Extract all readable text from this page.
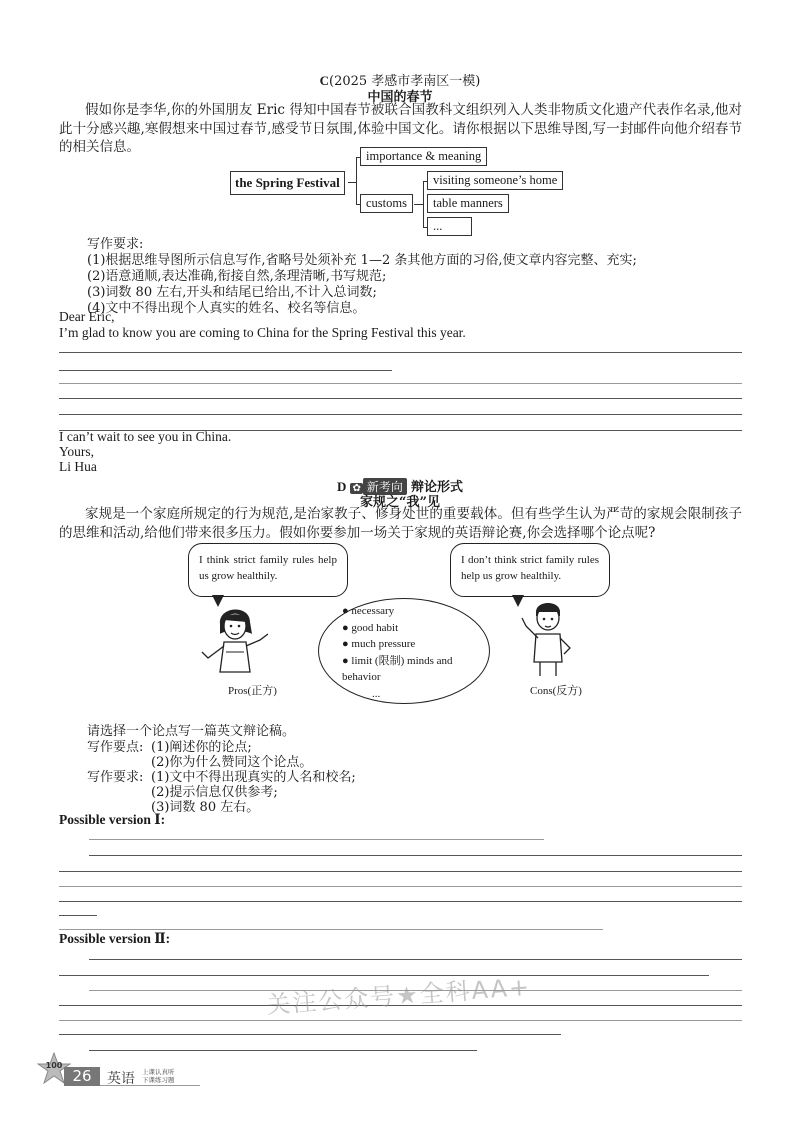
C(2025 孝感市孝南区一模)
中国的春节
假如你是李华,你的外国朋友 Eric 得知中国春节被联合国教科文组织列入人类非物质文化遗产代表作名录,他对此十分感兴趣,寒假想来中国过春节,感受节日氛围,体验中国文化。请你根据以下思维导图,写一封邮件向他介绍春节的相关信息。
the Spring Festival
importance & meaning
customs
visiting someone’s home
table manners
...
写作要求:
(1)根据思维导图所示信息写作,省略号处须补充 1—2 条其他方面的习俗,使文章内容完整、充实;
(2)语意通顺,表达准确,衔接自然,条理清晰,书写规范;
(3)词数 80 左右,开头和结尾已给出,不计入总词数;
(4)文中不得出现个人真实的姓名、校名等信息。
Dear Eric,
I’m glad to know you are coming to China for the Spring Festival this year.
I can’t wait to see you in China.
Yours,
Li Hua
D ✿ 新考向 辩论形式
家规之“我”见
家规是一个家庭所规定的行为规范,是治家教子、修身处世的重要载体。但有些学生认为严苛的家规会限制孩子的思维和活动,给他们带来很多压力。假如你要参加一场关于家规的英语辩论赛,你会选择哪个论点呢?
I think strict family rules help us grow healthily.
I don’t think strict family rules help us grow healthily.
● necessary
● good habit
● much pressure
● limit (限制) minds and behavior
...
Pros(正方)	Cons(反方)
请选择一个论点写一篇英文辩论稿。
写作要点: (1)阐述你的论点;
(2)你为什么赞同这个论点。
写作要求: (1)文中不得出现真实的人名和校名;
(2)提示信息仅供参考;
(3)词数 80 左右。
Possible version Ⅰ:
Possible version Ⅱ:
关注公众号★全科AA+
100
26	英语 上课认真听
下课练习题
